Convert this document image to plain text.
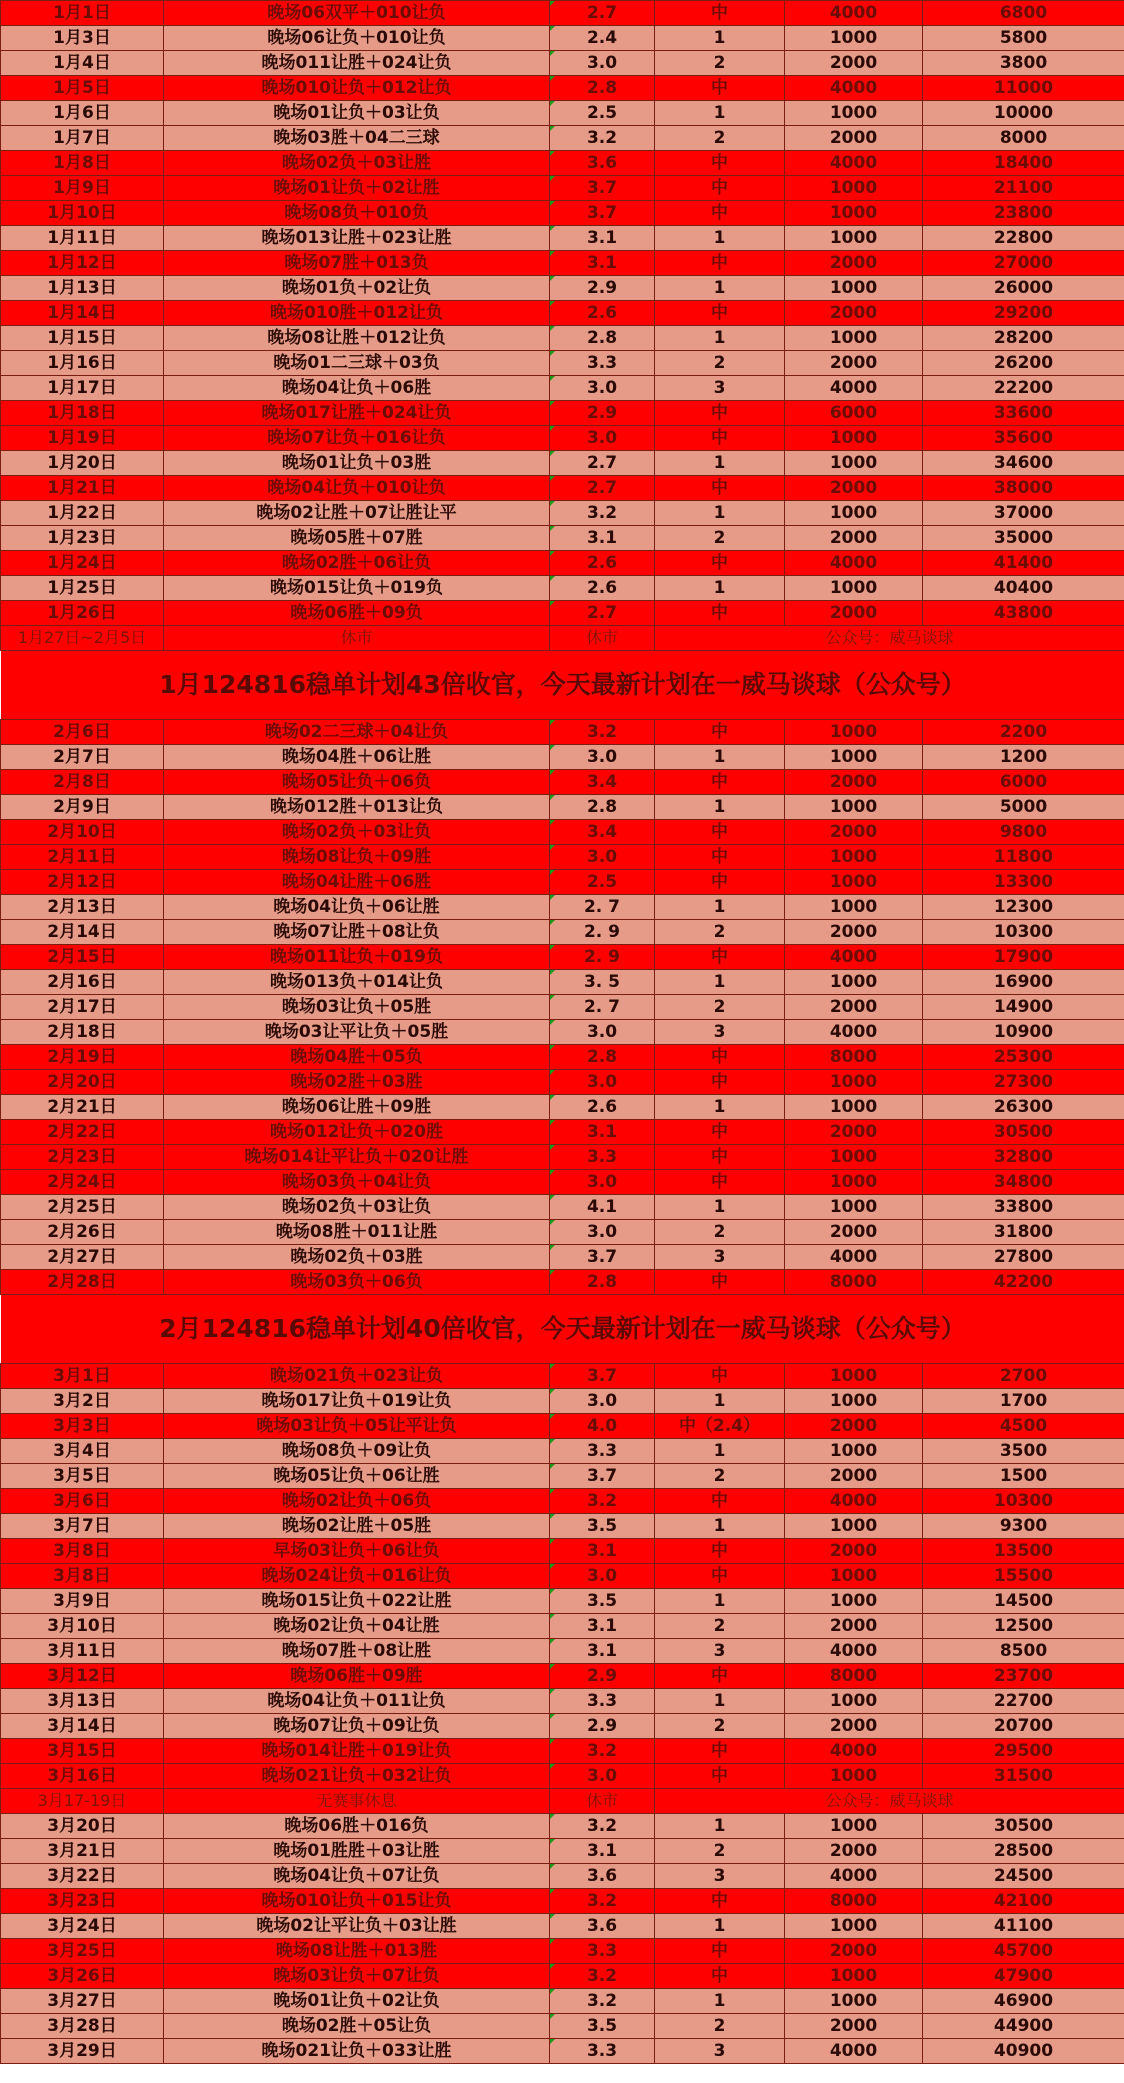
1月1日	晚场06双平＋010让负	2.7	中	4000	6800
1月3日	晚场06让负＋010让负	2.4	1	1000	5800
1月4日	晚场011让胜＋024让负	3.0	2	2000	3800
1月5日	晚场010让负＋012让负	2.8	中	4000	11000
1月6日	晚场01让负＋03让负	2.5	1	1000	10000
1月7日	晚场03胜＋04二三球	3.2	2	2000	8000
1月8日	晚场02负＋03让胜	3.6	中	4000	18400
1月9日	晚场01让负＋02让胜	3.7	中	1000	21100
1月10日	晚场08负＋010负	3.7	中	1000	23800
1月11日	晚场013让胜＋023让胜	3.1	1	1000	22800
1月12日	晚场07胜＋013负	3.1	中	2000	27000
1月13日	晚场01负＋02让负	2.9	1	1000	26000
1月14日	晚场010胜＋012让负	2.6	中	2000	29200
1月15日	晚场08让胜＋012让负	2.8	1	1000	28200
1月16日	晚场01二三球＋03负	3.3	2	2000	26200
1月17日	晚场04让负＋06胜	3.0	3	4000	22200
1月18日	晚场017让胜＋024让负	2.9	中	6000	33600
1月19日	晚场07让负＋016让负	3.0	中	1000	35600
1月20日	晚场01让负＋03胜	2.7	1	1000	34600
1月21日	晚场04让负＋010让负	2.7	中	2000	38000
1月22日	晚场02让胜＋07让胜让平	3.2	1	1000	37000
1月23日	晚场05胜＋07胜	3.1	2	2000	35000
1月24日	晚场02胜＋06让负	2.6	中	4000	41400
1月25日	晚场015让负＋019负	2.6	1	1000	40400
1月26日	晚场06胜＋09负	2.7	中	2000	43800
1月27日~2月5日	休市	休市	公众号：威马谈球		
1月124816稳单计划43倍收官，今天最新计划在一威马谈球（公众号）					
2月6日	晚场02二三球＋04让负	3.2	中	1000	2200
2月7日	晚场04胜＋06让胜	3.0	1	1000	1200
2月8日	晚场05让负＋06负	3.4	中	2000	6000
2月9日	晚场012胜＋013让负	2.8	1	1000	5000
2月10日	晚场02负＋03让负	3.4	中	2000	9800
2月11日	晚场08让负＋09胜	3.0	中	1000	11800
2月12日	晚场04让胜＋06胜	2.5	中	1000	13300
2月13日	晚场04让负＋06让胜	2. 7	1	1000	12300
2月14日	晚场07让胜＋08让负	2. 9	2	2000	10300
2月15日	晚场011让负＋019负	2. 9	中	4000	17900
2月16日	晚场013负＋014让负	3. 5	1	1000	16900
2月17日	晚场03让负＋05胜	2. 7	2	2000	14900
2月18日	晚场03让平让负＋05胜	3.0	3	4000	10900
2月19日	晚场04胜＋05负	2.8	中	8000	25300
2月20日	晚场02胜＋03胜	3.0	中	1000	27300
2月21日	晚场06让胜＋09胜	2.6	1	1000	26300
2月22日	晚场012让负＋020胜	3.1	中	2000	30500
2月23日	晚场014让平让负＋020让胜	3.3	中	1000	32800
2月24日	晚场03负＋04让负	3.0	中	1000	34800
2月25日	晚场02负＋03让负	4.1	1	1000	33800
2月26日	晚场08胜＋011让胜	3.0	2	2000	31800
2月27日	晚场02负＋03胜	3.7	3	4000	27800
2月28日	晚场03负＋06负	2.8	中	8000	42200
2月124816稳单计划40倍收官，今天最新计划在一威马谈球（公众号）					
3月1日	晚场021负＋023让负	3.7	中	1000	2700
3月2日	晚场017让负＋019让负	3.0	1	1000	1700
3月3日	晚场03让负＋05让平让负	4.0	中（2.4）	2000	4500
3月4日	晚场08负＋09让负	3.3	1	1000	3500
3月5日	晚场05让负＋06让胜	3.7	2	2000	1500
3月6日	晚场02让负＋06负	3.2	中	4000	10300
3月7日	晚场02让胜＋05胜	3.5	1	1000	9300
3月8日	早场03让负＋06让负	3.1	中	2000	13500
3月8日	晚场024让负＋016让负	3.0	中	1000	15500
3月9日	晚场015让负＋022让胜	3.5	1	1000	14500
3月10日	晚场02让负＋04让胜	3.1	2	2000	12500
3月11日	晚场07胜＋08让胜	3.1	3	4000	8500
3月12日	晚场06胜＋09胜	2.9	中	8000	23700
3月13日	晚场04让负＋011让负	3.3	1	1000	22700
3月14日	晚场07让负＋09让负	2.9	2	2000	20700
3月15日	晚场014让胜＋019让负	3.2	中	4000	29500
3月16日	晚场021让负＋032让负	3.0	中	1000	31500
3月17-19日	无赛事休息	休市	公众号：威马谈球		
3月20日	晚场06胜＋016负	3.2	1	1000	30500
3月21日	晚场01胜胜＋03让胜	3.1	2	2000	28500
3月22日	晚场04让负＋07让负	3.6	3	4000	24500
3月23日	晚场010让负＋015让负	3.2	中	8000	42100
3月24日	晚场02让平让负＋03让胜	3.6	1	1000	41100
3月25日	晚场08让胜＋013胜	3.3	中	2000	45700
3月26日	晚场03让负＋07让负	3.2	中	1000	47900
3月27日	晚场01让负＋02让负	3.2	1	1000	46900
3月28日	晚场02胜＋05让负	3.5	2	2000	44900
3月29日	晚场021让负＋033让胜	3.3	3	4000	40900
